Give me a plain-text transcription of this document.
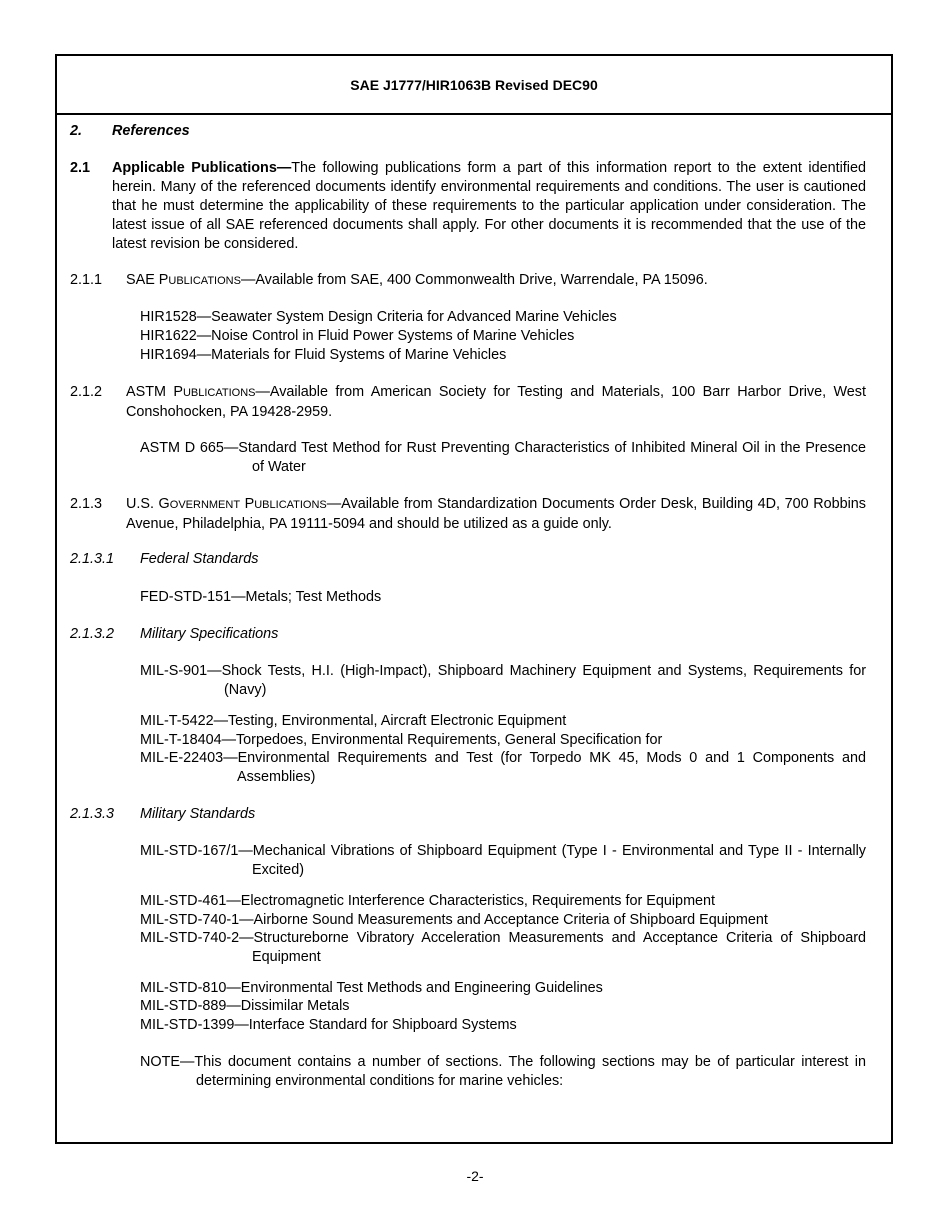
SAE J1777/HIR1063B Revised DEC90
2. References
2.1 Applicable Publications—The following publications form a part of this information report to the extent identified herein. Many of the referenced documents identify environmental requirements and conditions. The user is cautioned that he must determine the applicability of these requirements to the particular application under consideration. The latest issue of all SAE referenced documents shall apply. For other documents it is recommended that the use of the latest revision be considered.
2.1.1 SAE PUBLICATIONS—Available from SAE, 400 Commonwealth Drive, Warrendale, PA 15096.
HIR1528—Seawater System Design Criteria for Advanced Marine Vehicles
HIR1622—Noise Control in Fluid Power Systems of Marine Vehicles
HIR1694—Materials for Fluid Systems of Marine Vehicles
2.1.2 ASTM PUBLICATIONS—Available from American Society for Testing and Materials, 100 Barr Harbor Drive, West Conshohocken, PA 19428-2959.
ASTM D 665—Standard Test Method for Rust Preventing Characteristics of Inhibited Mineral Oil in the Presence of Water
2.1.3 U.S. GOVERNMENT PUBLICATIONS—Available from Standardization Documents Order Desk, Building 4D, 700 Robbins Avenue, Philadelphia, PA 19111-5094 and should be utilized as a guide only.
2.1.3.1 Federal Standards
FED-STD-151—Metals; Test Methods
2.1.3.2 Military Specifications
MIL-S-901—Shock Tests, H.I. (High-Impact), Shipboard Machinery Equipment and Systems, Requirements for (Navy)
MIL-T-5422—Testing, Environmental, Aircraft Electronic Equipment
MIL-T-18404—Torpedoes, Environmental Requirements, General Specification for
MIL-E-22403—Environmental Requirements and Test (for Torpedo MK 45, Mods 0 and 1 Components and Assemblies)
2.1.3.3 Military Standards
MIL-STD-167/1—Mechanical Vibrations of Shipboard Equipment (Type I - Environmental and Type II - Internally Excited)
MIL-STD-461—Electromagnetic Interference Characteristics, Requirements for Equipment
MIL-STD-740-1—Airborne Sound Measurements and Acceptance Criteria of Shipboard Equipment
MIL-STD-740-2—Structureborne Vibratory Acceleration Measurements and Acceptance Criteria of Shipboard Equipment
MIL-STD-810—Environmental Test Methods and Engineering Guidelines
MIL-STD-889—Dissimilar Metals
MIL-STD-1399—Interface Standard for Shipboard Systems
NOTE—This document contains a number of sections. The following sections may be of particular interest in determining environmental conditions for marine vehicles:
-2-
